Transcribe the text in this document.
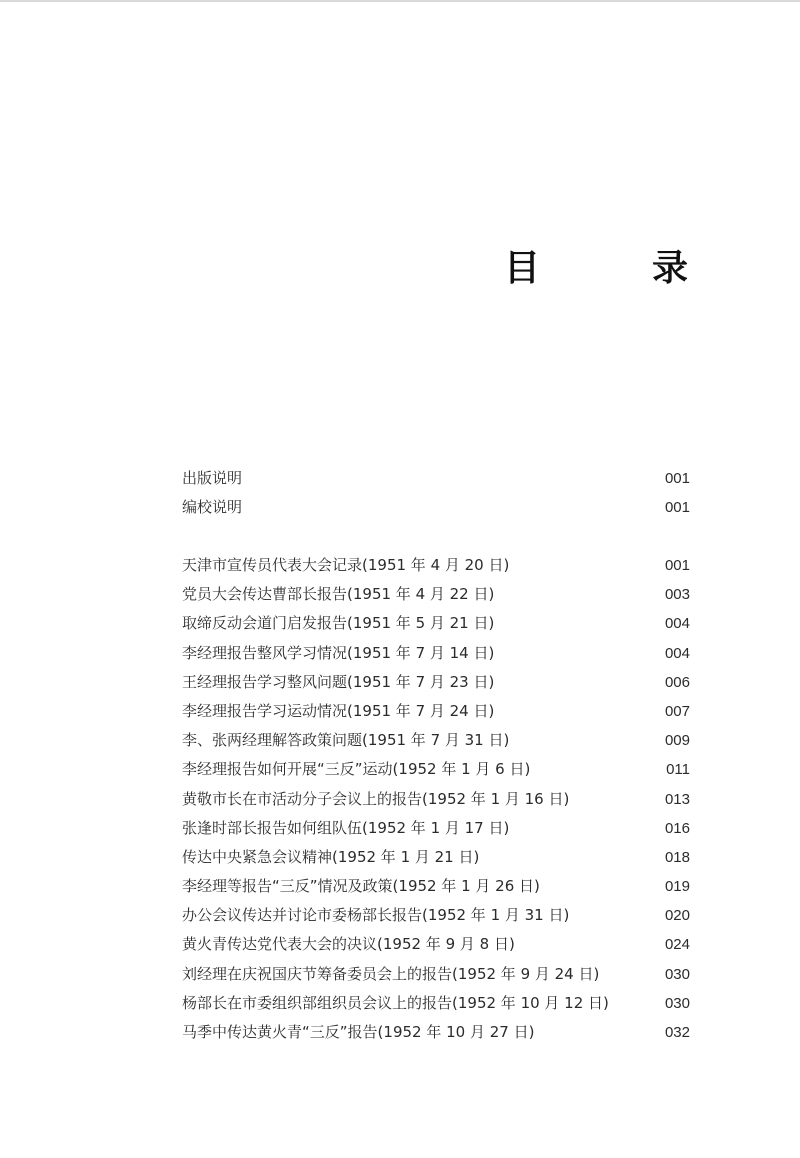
目　录
出版说明	001
编校说明	001
天津市宣传员代表大会记录(1951 年 4 月 20 日)	001
党员大会传达曹部长报告(1951 年 4 月 22 日)	003
取缔反动会道门启发报告(1951 年 5 月 21 日)	004
李经理报告整风学习情况(1951 年 7 月 14 日)	004
王经理报告学习整风问题(1951 年 7 月 23 日)	006
李经理报告学习运动情况(1951 年 7 月 24 日)	007
李、张两经理解答政策问题(1951 年 7 月 31 日)	009
李经理报告如何开展“三反”运动(1952 年 1 月 6 日)	011
黄敬市长在市活动分子会议上的报告(1952 年 1 月 16 日)	013
张逢时部长报告如何组队伍(1952 年 1 月 17 日)	016
传达中央紧急会议精神(1952 年 1 月 21 日)	018
李经理等报告“三反”情况及政策(1952 年 1 月 26 日)	019
办公会议传达并讨论市委杨部长报告(1952 年 1 月 31 日)	020
黄火青传达党代表大会的决议(1952 年 9 月 8 日)	024
刘经理在庆祝国庆节筹备委员会上的报告(1952 年 9 月 24 日)	030
杨部长在市委组织部组织员会议上的报告(1952 年 10 月 12 日)	030
马季中传达黄火青“三反”报告(1952 年 10 月 27 日)	032
